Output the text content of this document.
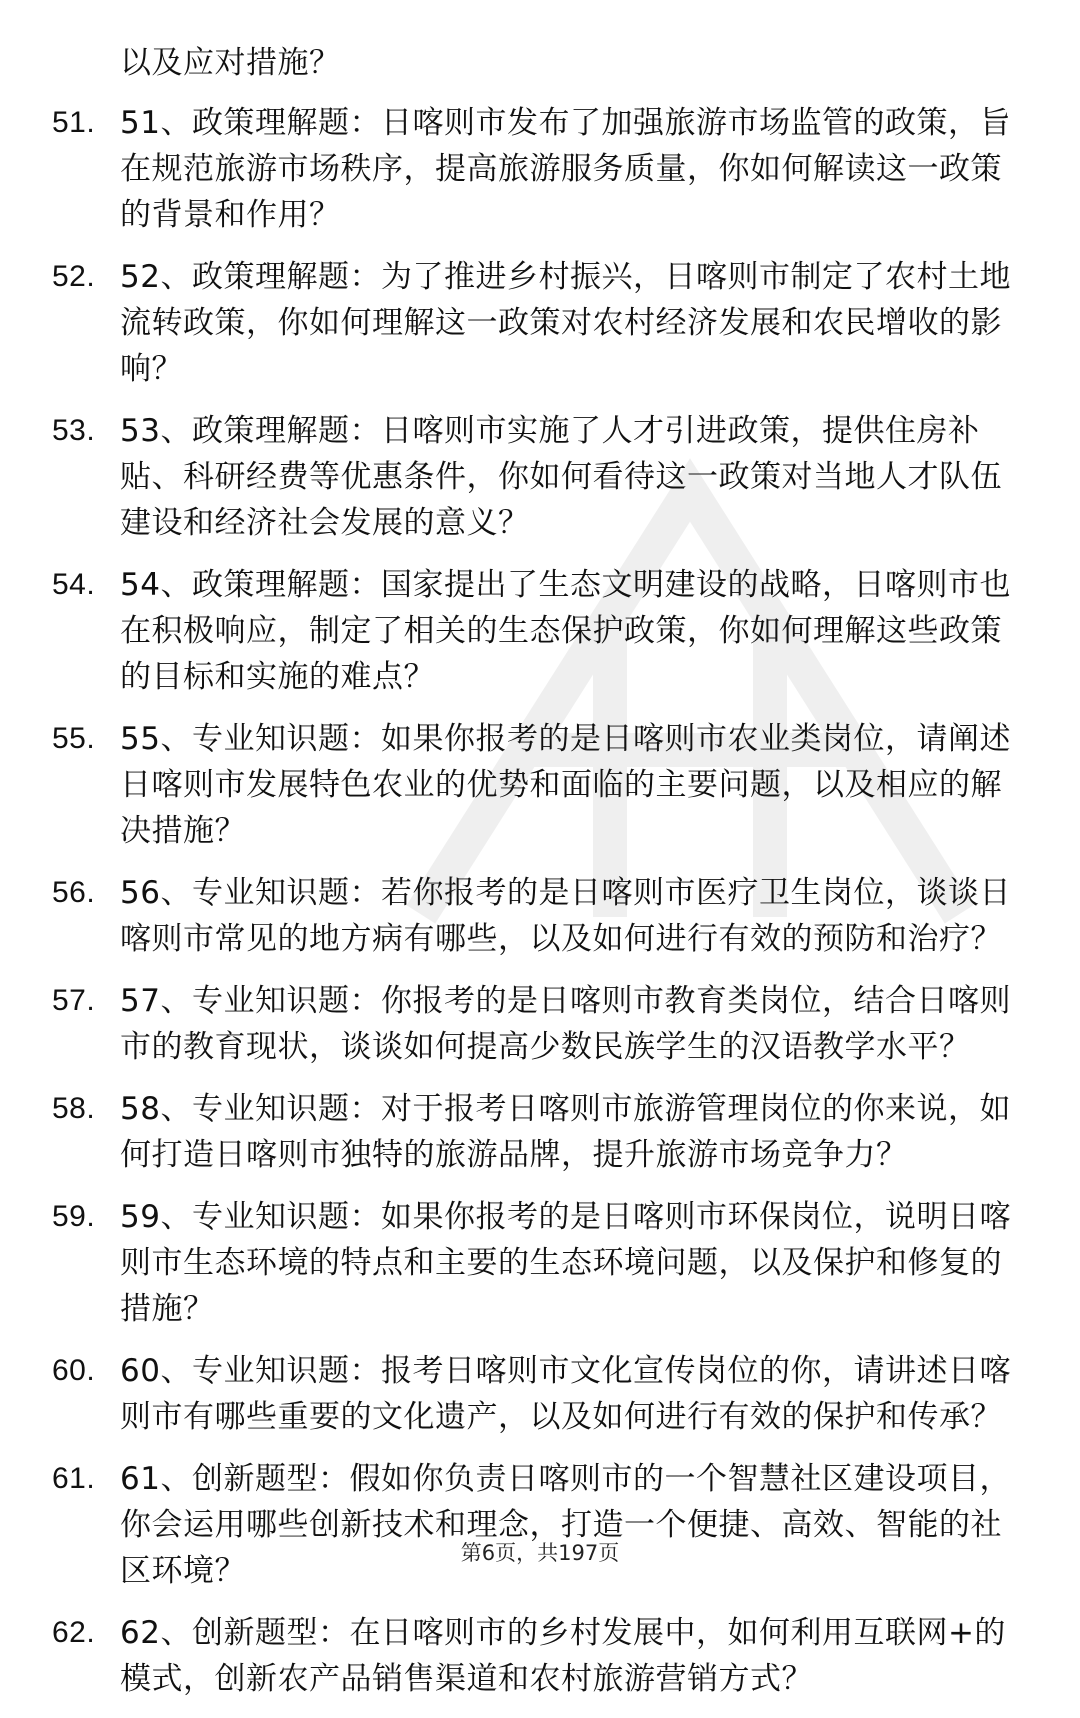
以及应对措施？

51. 51、政策理解题：日喀则市发布了加强旅游市场监管的政策，旨在规范旅游市场秩序，提高旅游服务质量，你如何解读这一政策的背景和作用？
52. 52、政策理解题：为了推进乡村振兴，日喀则市制定了农村土地流转政策，你如何理解这一政策对农村经济发展和农民增收的影响？
53. 53、政策理解题：日喀则市实施了人才引进政策，提供住房补贴、科研经费等优惠条件，你如何看待这一政策对当地人才队伍建设和经济社会发展的意义？
54. 54、政策理解题：国家提出了生态文明建设的战略，日喀则市也在积极响应，制定了相关的生态保护政策，你如何理解这些政策的目标和实施的难点？
55. 55、专业知识题：如果你报考的是日喀则市农业类岗位，请阐述日喀则市发展特色农业的优势和面临的主要问题，以及相应的解决措施？
56. 56、专业知识题：若你报考的是日喀则市医疗卫生岗位，谈谈日喀则市常见的地方病有哪些，以及如何进行有效的预防和治疗？
57. 57、专业知识题：你报考的是日喀则市教育类岗位，结合日喀则市的教育现状，谈谈如何提高少数民族学生的汉语教学水平？
58. 58、专业知识题：对于报考日喀则市旅游管理岗位的你来说，如何打造日喀则市独特的旅游品牌，提升旅游市场竞争力？
59. 59、专业知识题：如果你报考的是日喀则市环保岗位，说明日喀则市生态环境的特点和主要的生态环境问题，以及保护和修复的措施？
60. 60、专业知识题：报考日喀则市文化宣传岗位的你，请讲述日喀则市有哪些重要的文化遗产，以及如何进行有效的保护和传承？
61. 61、创新题型：假如你负责日喀则市的一个智慧社区建设项目，你会运用哪些创新技术和理念，打造一个便捷、高效、智能的社区环境？
62. 62、创新题型：在日喀则市的乡村发展中，如何利用互联网+的模式，创新农产品销售渠道和农村旅游营销方式？

第6页，共197页
